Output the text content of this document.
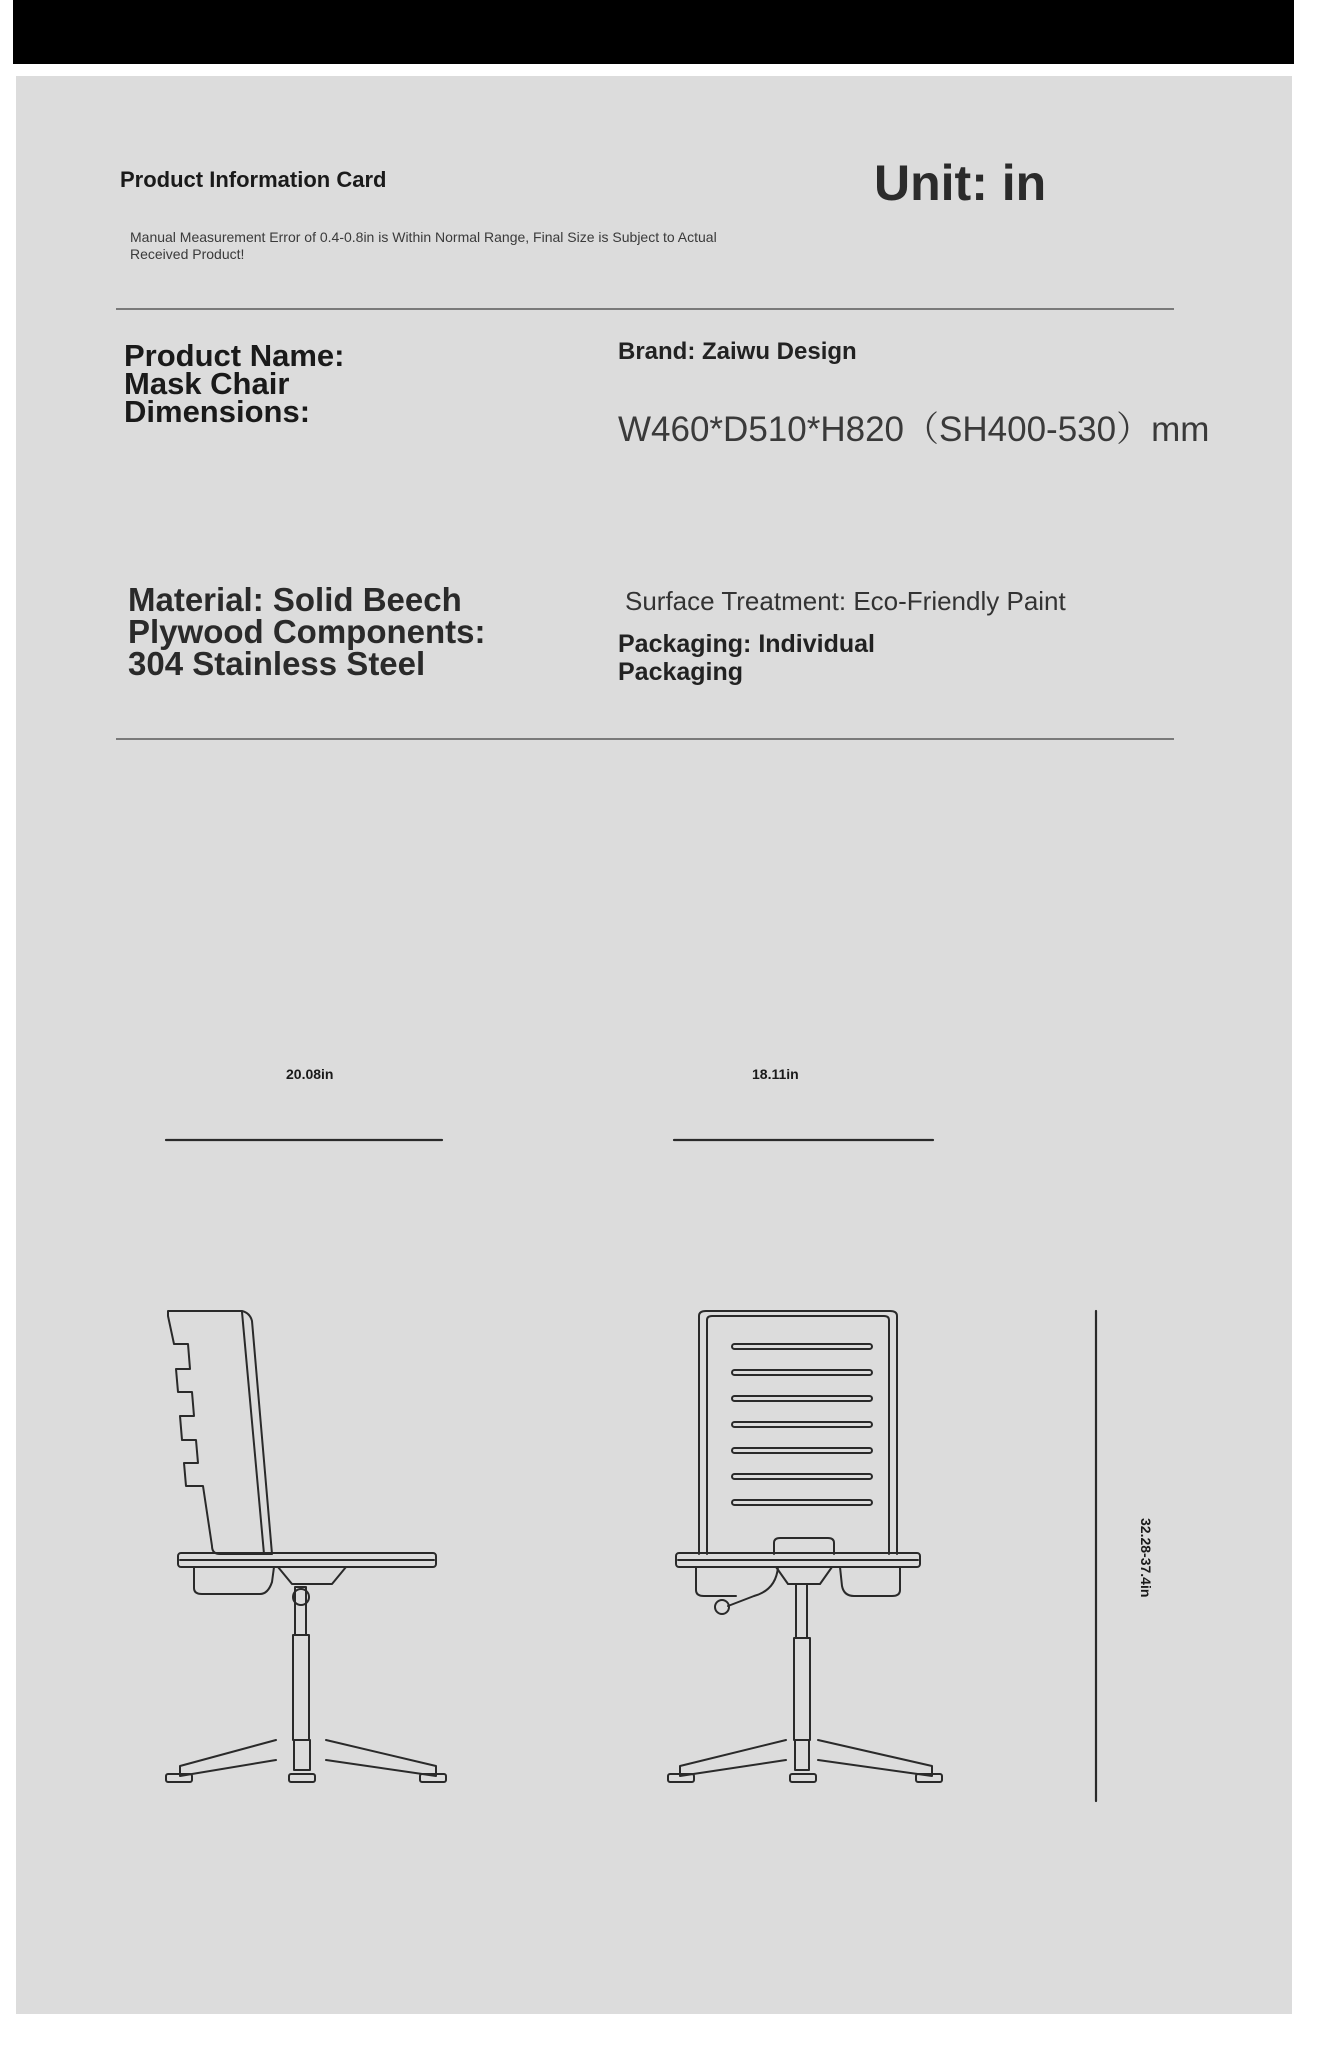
Product Information Card
Manual Measurement Error of 0.4-0.8in is Within Normal Range, Final Size is Subject to Actual Received Product!
Unit: in
Product Name: Mask Chair Dimensions:
Brand: Zaiwu Design
W460*D510*H820（SH400-530）mm
Material: Solid Beech Plywood Components: 304 Stainless Steel
Surface Treatment: Eco-Friendly Paint
Packaging: Individual Packaging
20.08in	18.11in
32.28-37.4in
